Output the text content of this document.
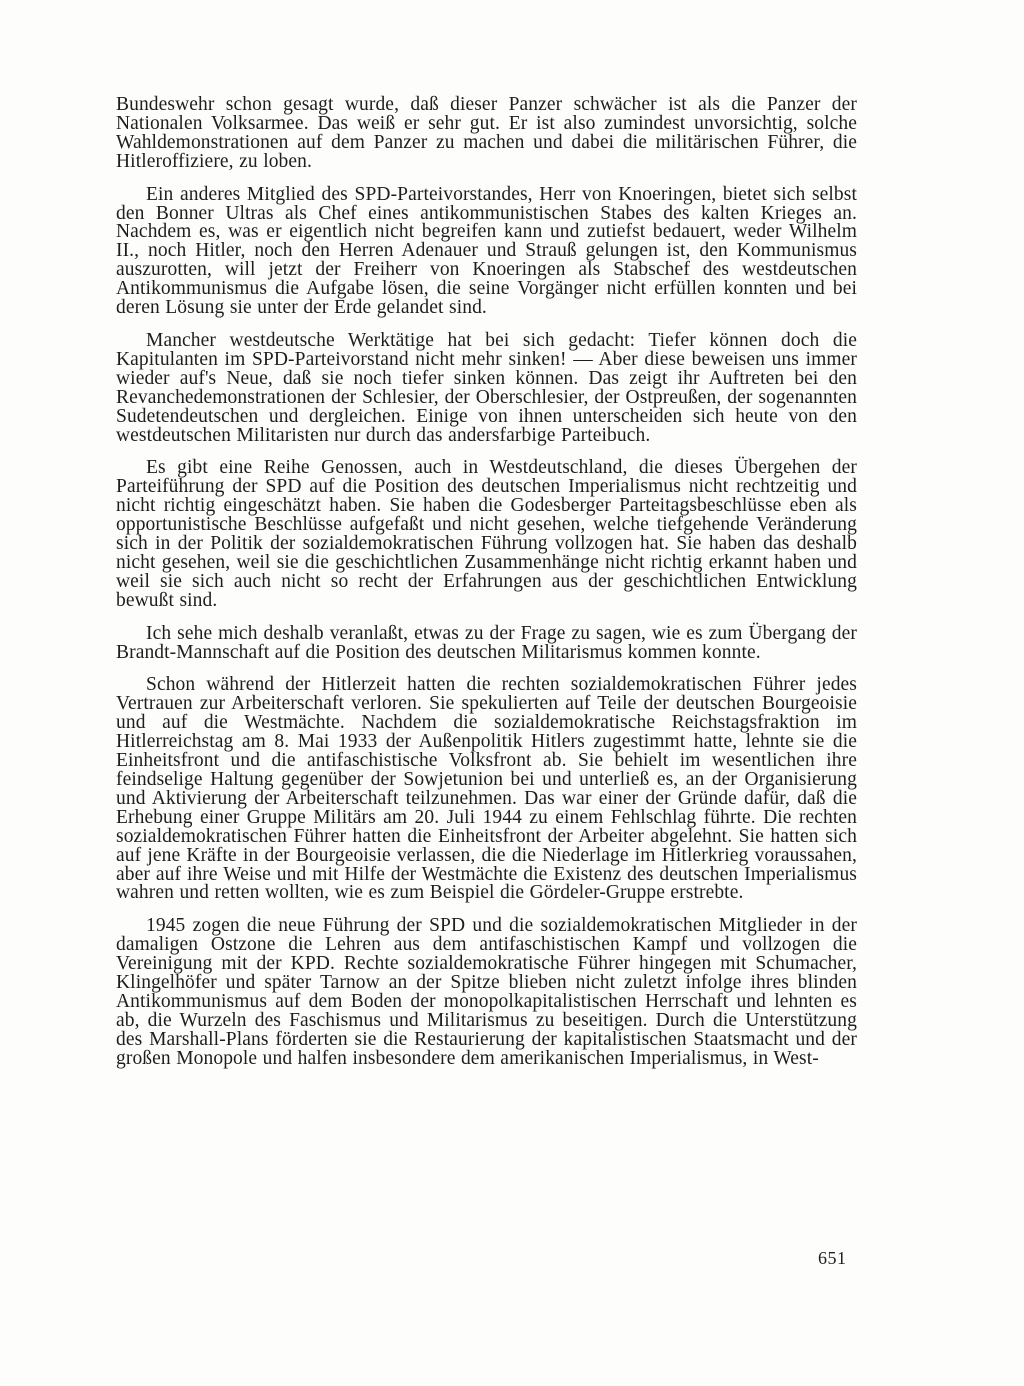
Bundeswehr schon gesagt wurde, daß dieser Panzer schwächer ist als die Panzer der Nationalen Volksarmee. Das weiß er sehr gut. Er ist also zumindest unvorsichtig, solche Wahldemonstrationen auf dem Panzer zu machen und dabei die militärischen Führer, die Hitleroffiziere, zu loben.

Ein anderes Mitglied des SPD-Parteivorstandes, Herr von Knoeringen, bietet sich selbst den Bonner Ultras als Chef eines antikommunistischen Stabes des kalten Krieges an. Nachdem es, was er eigentlich nicht begreifen kann und zutiefst bedauert, weder Wilhelm II., noch Hitler, noch den Herren Adenauer und Strauß gelungen ist, den Kommunismus auszurotten, will jetzt der Freiherr von Knoeringen als Stabschef des westdeutschen Antikommunismus die Aufgabe lösen, die seine Vorgänger nicht erfüllen konnten und bei deren Lösung sie unter der Erde gelandet sind.

Mancher westdeutsche Werktätige hat bei sich gedacht: Tiefer können doch die Kapitulanten im SPD-Parteivorstand nicht mehr sinken! — Aber diese beweisen uns immer wieder auf's Neue, daß sie noch tiefer sinken können. Das zeigt ihr Auftreten bei den Revanchedemonstrationen der Schlesier, der Oberschlesier, der Ostpreußen, der sogenannten Sudetendeutschen und dergleichen. Einige von ihnen unterscheiden sich heute von den westdeutschen Militaristen nur durch das andersfarbige Parteibuch.

Es gibt eine Reihe Genossen, auch in Westdeutschland, die dieses Übergehen der Parteiführung der SPD auf die Position des deutschen Imperialismus nicht rechtzeitig und nicht richtig eingeschätzt haben. Sie haben die Godesberger Parteitagsbeschlüsse eben als opportunistische Beschlüsse aufgefaßt und nicht gesehen, welche tiefgehende Veränderung sich in der Politik der sozialdemokratischen Führung vollzogen hat. Sie haben das deshalb nicht gesehen, weil sie die geschichtlichen Zusammenhänge nicht richtig erkannt haben und weil sie sich auch nicht so recht der Erfahrungen aus der geschichtlichen Entwicklung bewußt sind.

Ich sehe mich deshalb veranlaßt, etwas zu der Frage zu sagen, wie es zum Übergang der Brandt-Mannschaft auf die Position des deutschen Militarismus kommen konnte.

Schon während der Hitlerzeit hatten die rechten sozialdemokratischen Führer jedes Vertrauen zur Arbeiterschaft verloren. Sie spekulierten auf Teile der deutschen Bourgeoisie und auf die Westmächte. Nachdem die sozialdemokratische Reichstagsfraktion im Hitlerreichstag am 8. Mai 1933 der Außenpolitik Hitlers zugestimmt hatte, lehnte sie die Einheitsfront und die antifaschistische Volksfront ab. Sie behielt im wesentlichen ihre feindselige Haltung gegenüber der Sowjetunion bei und unterließ es, an der Organisierung und Aktivierung der Arbeiterschaft teilzunehmen. Das war einer der Gründe dafür, daß die Erhebung einer Gruppe Militärs am 20. Juli 1944 zu einem Fehlschlag führte. Die rechten sozialdemokratischen Führer hatten die Einheitsfront der Arbeiter abgelehnt. Sie hatten sich auf jene Kräfte in der Bourgeoisie verlassen, die die Niederlage im Hitlerkrieg voraussahen, aber auf ihre Weise und mit Hilfe der Westmächte die Existenz des deutschen Imperialismus wahren und retten wollten, wie es zum Beispiel die Gördeler-Gruppe erstrebte.

1945 zogen die neue Führung der SPD und die sozialdemokratischen Mitglieder in der damaligen Ostzone die Lehren aus dem antifaschistischen Kampf und vollzogen die Vereinigung mit der KPD. Rechte sozialdemokratische Führer hingegen mit Schumacher, Klingelhöfer und später Tarnow an der Spitze blieben nicht zuletzt infolge ihres blinden Antikommunismus auf dem Boden der monopolkapitalistischen Herrschaft und lehnten es ab, die Wurzeln des Faschismus und Militarismus zu beseitigen. Durch die Unterstützung des Marshall-Plans förderten sie die Restaurierung der kapitalistischen Staatsmacht und der großen Monopole und halfen insbesondere dem amerikanischen Imperialismus, in West-

651
